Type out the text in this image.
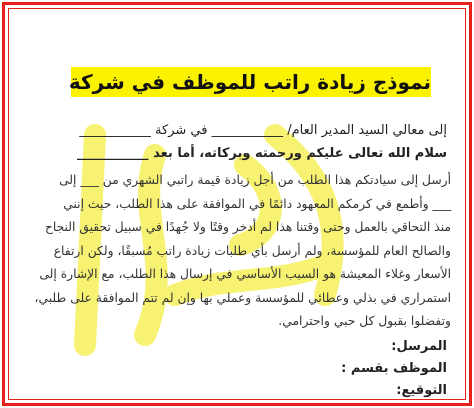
نموذج زيادة راتب للموظف في شركة
إلى معالي السيد المدير العام/ ___________ في شركة ___________
سلام الله تعالى عليكم ورحمته وبركاته، أما بعد ___________
أرسل إلى سيادتكم هذا الطلب من أجل زيادة قيمة راتبي الشهري من ___ إلى
___ وأطمع في كرمكم المعهود دائمًا في الموافقة على هذا الطلب، حيث إنني
منذ التحاقي بالعمل وحتى وقتنا هذا لم أدخر وقتًا ولا جُهدًا في سبيل تحقيق النجاح
والصالح العام للمؤسسة، ولم أرسل بأي طلبات زيادة راتب مُسبقًا، ولكن ارتفاع
الأسعار وغلاء المعيشة هو السبب الأساسي في إرسال هذا الطلب، مع الإشارة إلى
استمراري في بذلي وعطائي للمؤسسة وعملي بها وإن لم تتم الموافقة على طلبي،
وتفضلوا بقبول كل حبي واحترامي.
المرسل:
الموظف بقسم :
التوقيع:
